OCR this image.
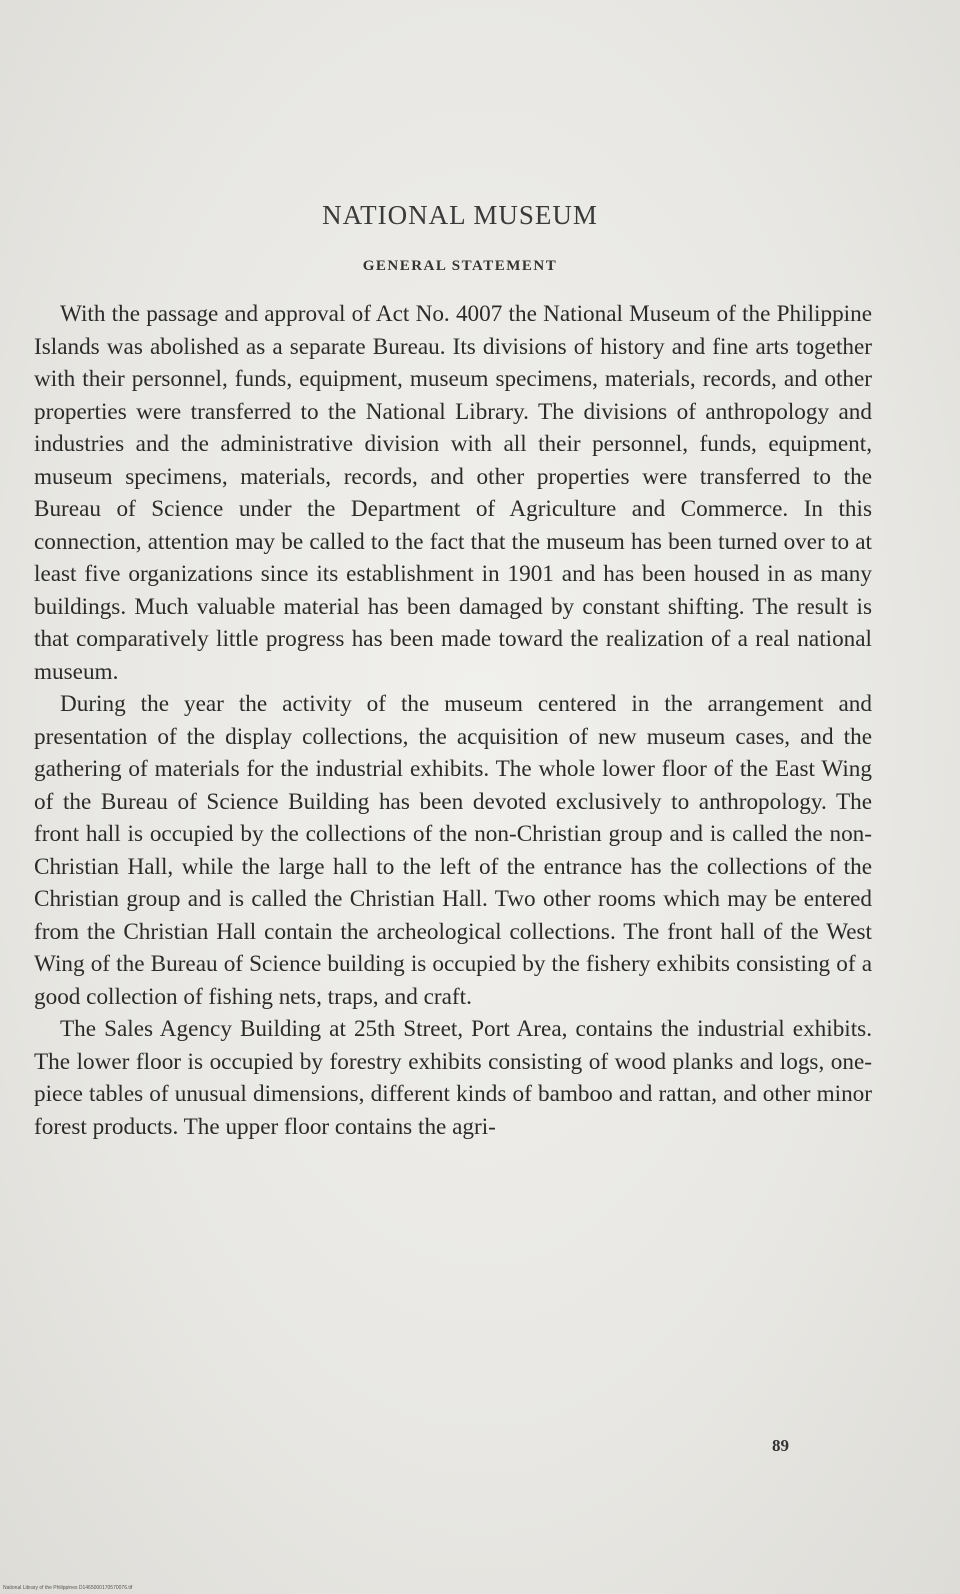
NATIONAL MUSEUM
GENERAL STATEMENT

With the passage and approval of Act No. 4007 the National Museum of the Philippine Islands was abolished as a separate Bureau. Its divisions of history and fine arts together with their personnel, funds, equipment, museum specimens, materials, records, and other properties were transferred to the National Library. The divisions of anthropology and industries and the administrative division with all their personnel, funds, equipment, museum specimens, materials, records, and other properties were transferred to the Bureau of Science under the Department of Agriculture and Commerce. In this connection, attention may be called to the fact that the museum has been turned over to at least five organizations since its establishment in 1901 and has been housed in as many buildings. Much valuable material has been damaged by constant shifting. The result is that comparatively little progress has been made toward the realization of a real national museum.

During the year the activity of the museum centered in the arrangement and presentation of the display collections, the acquisition of new museum cases, and the gathering of materials for the industrial exhibits. The whole lower floor of the East Wing of the Bureau of Science Building has been devoted exclusively to anthropology. The front hall is occupied by the collections of the non-Christian group and is called the non-Christian Hall, while the large hall to the left of the entrance has the collections of the Christian group and is called the Christian Hall. Two other rooms which may be entered from the Christian Hall contain the archeological collections. The front hall of the West Wing of the Bureau of Science building is occupied by the fishery exhibits consisting of a good collection of fishing nets, traps, and craft.

The Sales Agency Building at 25th Street, Port Area, contains the industrial exhibits. The lower floor is occupied by forestry exhibits consisting of wood planks and logs, one-piece tables of unusual dimensions, different kinds of bamboo and rattan, and other minor forest products. The upper floor contains the agri-

89
National Library of the Philippines D1465000170570076.tif
